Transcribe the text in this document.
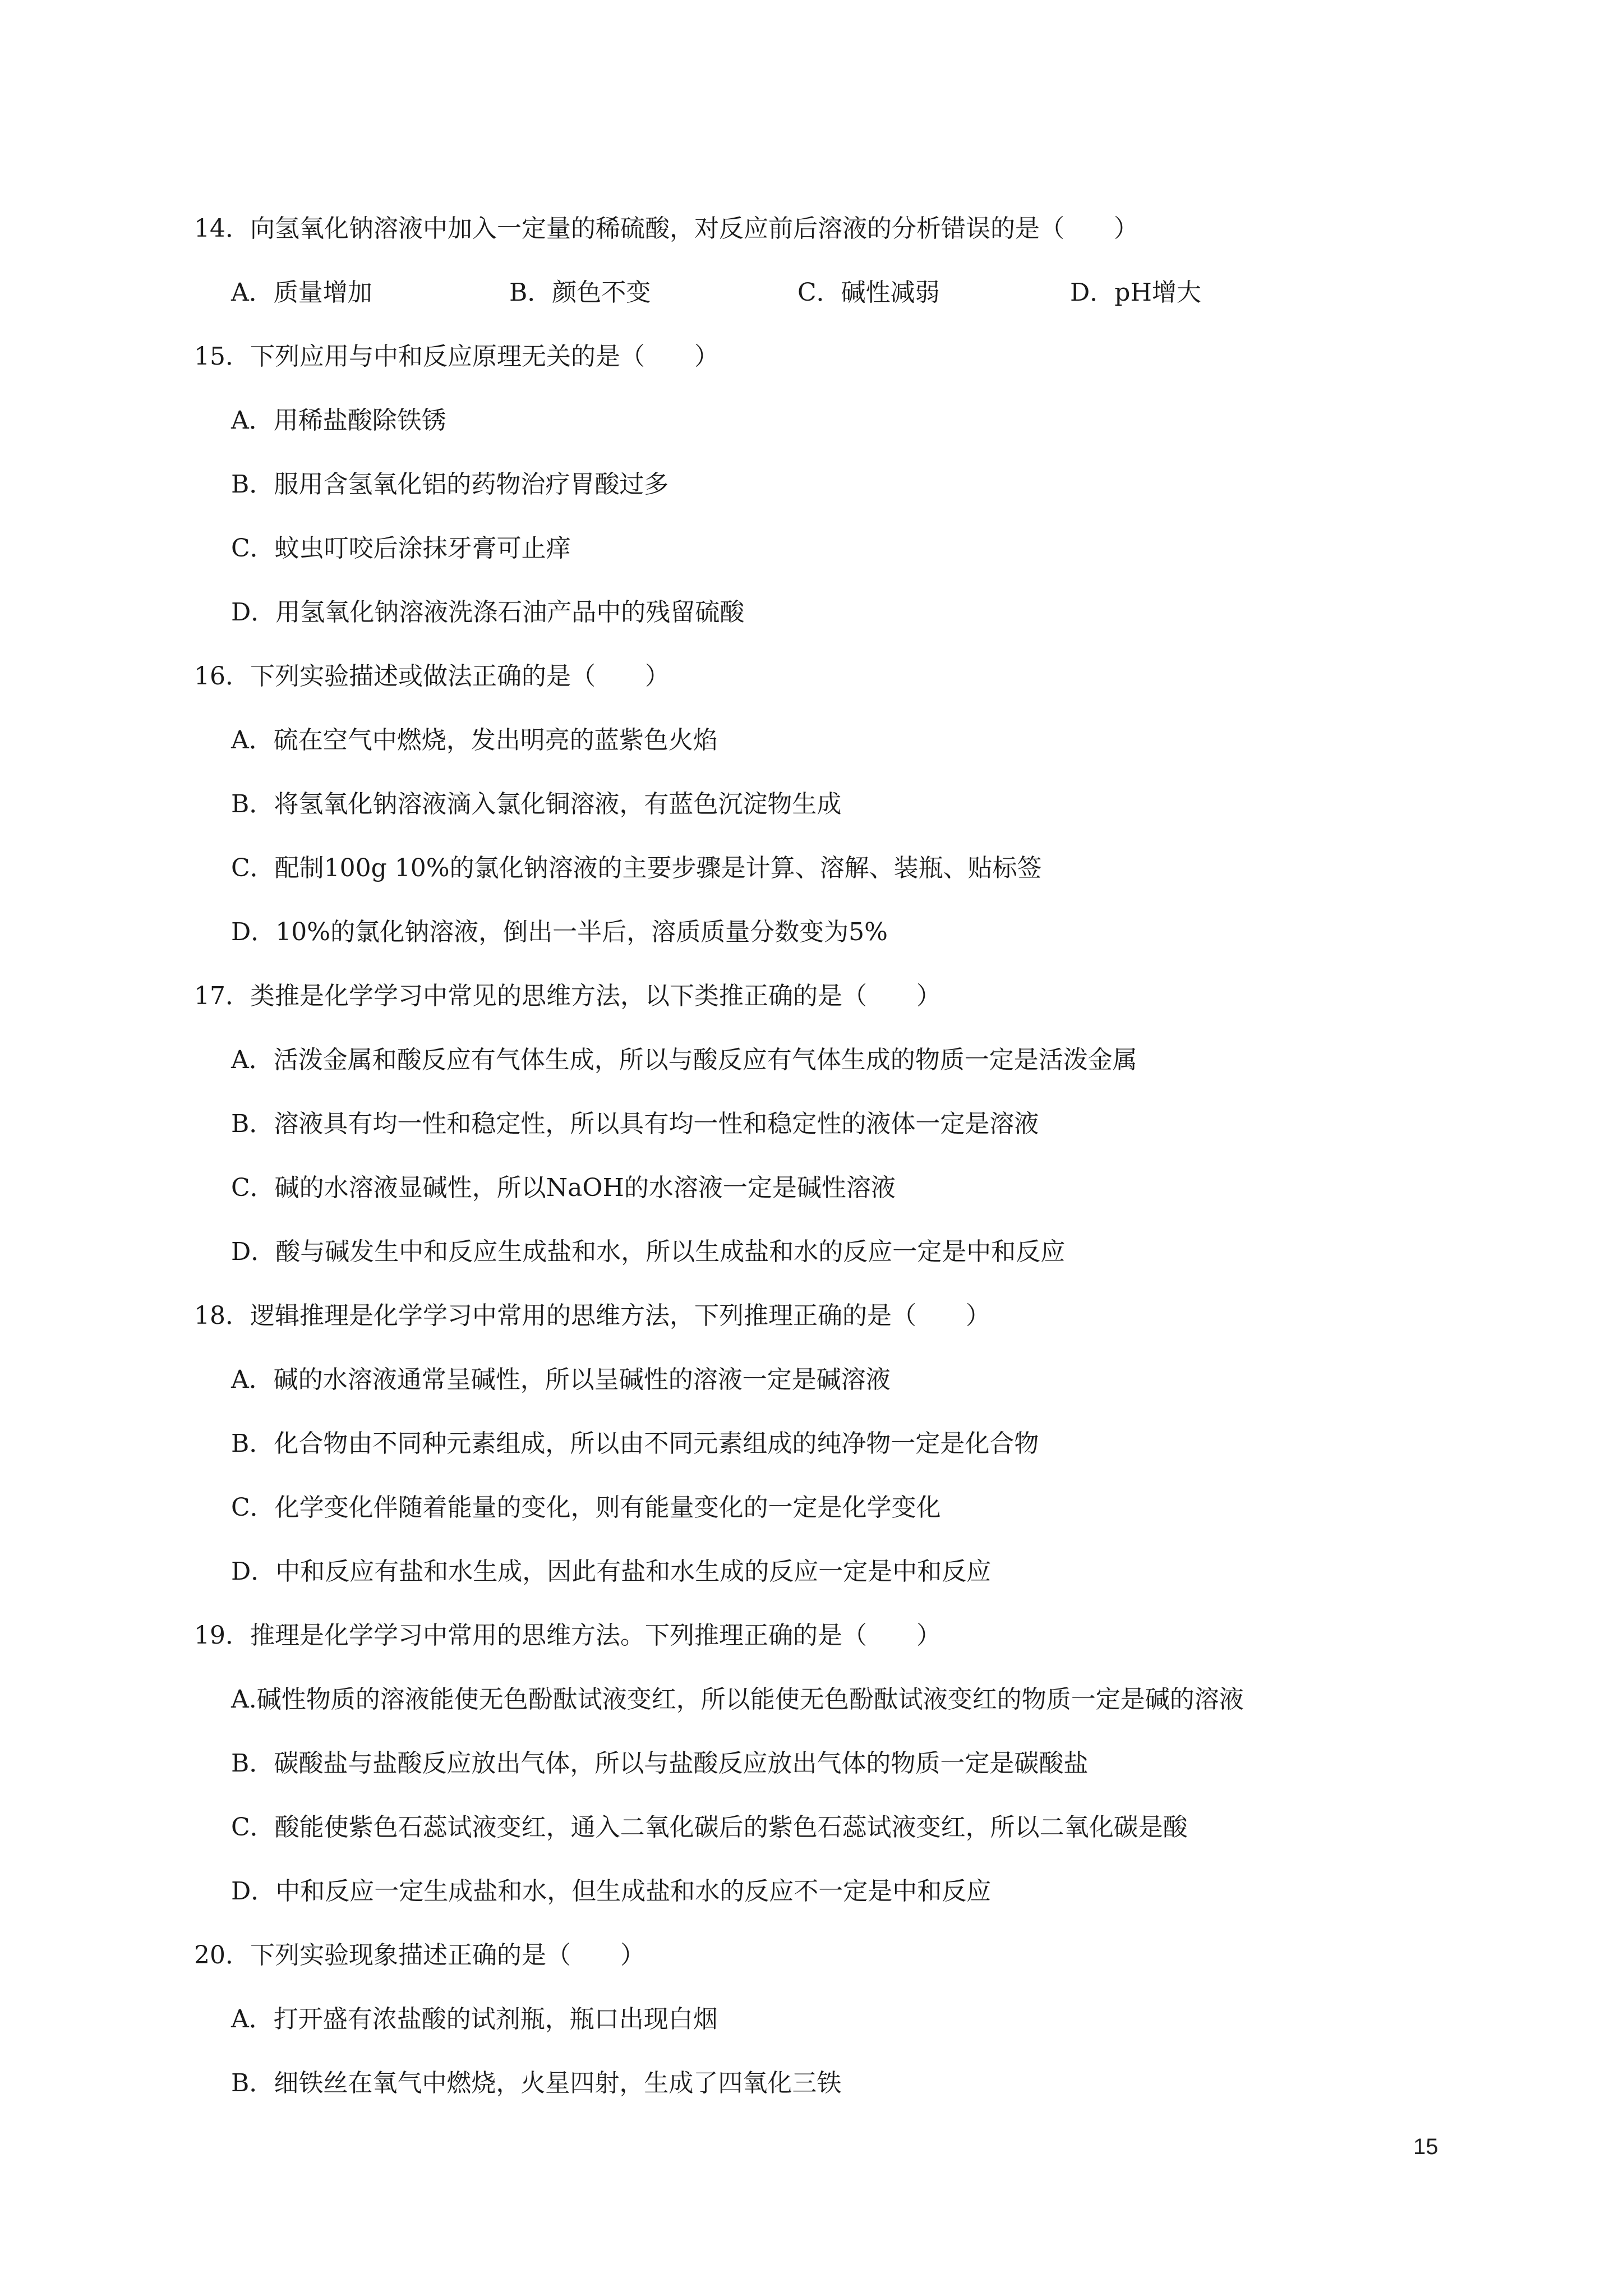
14．向氢氧化钠溶液中加入一定量的稀硫酸，对反应前后溶液的分析错误的是（　　）
A．质量增加	B．颜色不变	C．碱性减弱	D．pH增大
15．下列应用与中和反应原理无关的是（　　）
A．用稀盐酸除铁锈
B．服用含氢氧化铝的药物治疗胃酸过多
C．蚊虫叮咬后涂抹牙膏可止痒
D．用氢氧化钠溶液洗涤石油产品中的残留硫酸
16．下列实验描述或做法正确的是（　　）
A．硫在空气中燃烧，发出明亮的蓝紫色火焰
B．将氢氧化钠溶液滴入氯化铜溶液，有蓝色沉淀物生成
C．配制100g 10%的氯化钠溶液的主要步骤是计算、溶解、装瓶、贴标签
D．10%的氯化钠溶液，倒出一半后，溶质质量分数变为5%
17．类推是化学学习中常见的思维方法，以下类推正确的是（　　）
A．活泼金属和酸反应有气体生成，所以与酸反应有气体生成的物质一定是活泼金属
B．溶液具有均一性和稳定性，所以具有均一性和稳定性的液体一定是溶液
C．碱的水溶液显碱性，所以NaOH的水溶液一定是碱性溶液
D．酸与碱发生中和反应生成盐和水，所以生成盐和水的反应一定是中和反应
18．逻辑推理是化学学习中常用的思维方法，下列推理正确的是（　　）
A．碱的水溶液通常呈碱性，所以呈碱性的溶液一定是碱溶液
B．化合物由不同种元素组成，所以由不同元素组成的纯净物一定是化合物
C．化学变化伴随着能量的变化，则有能量变化的一定是化学变化
D．中和反应有盐和水生成，因此有盐和水生成的反应一定是中和反应
19．推理是化学学习中常用的思维方法。下列推理正确的是（　　）
A.碱性物质的溶液能使无色酚酞试液变红，所以能使无色酚酞试液变红的物质一定是碱的溶液
B．碳酸盐与盐酸反应放出气体，所以与盐酸反应放出气体的物质一定是碳酸盐
C．酸能使紫色石蕊试液变红，通入二氧化碳后的紫色石蕊试液变红，所以二氧化碳是酸
D．中和反应一定生成盐和水，但生成盐和水的反应不一定是中和反应
20．下列实验现象描述正确的是（　　）
A．打开盛有浓盐酸的试剂瓶，瓶口出现白烟
B．细铁丝在氧气中燃烧，火星四射，生成了四氧化三铁
15
